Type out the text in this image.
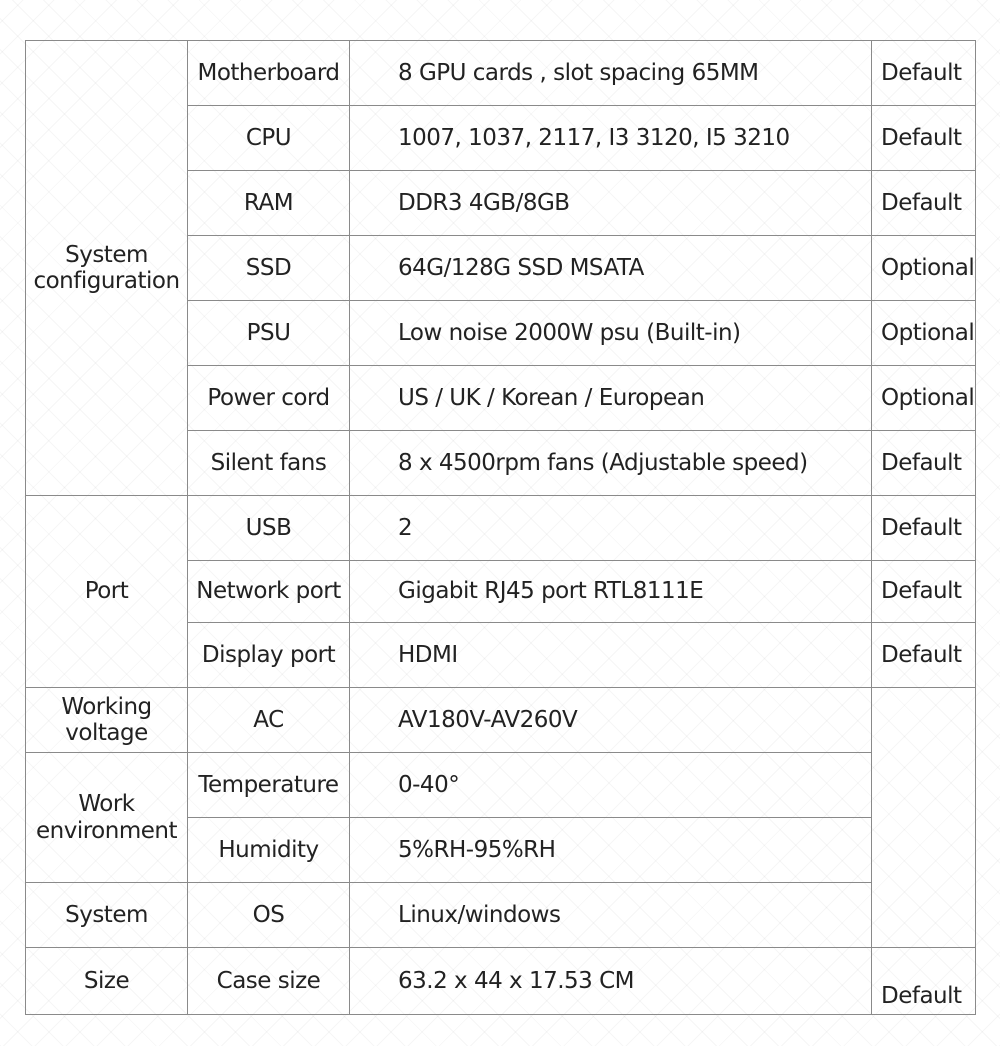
System configuration	Motherboard	8 GPU cards , slot spacing 65MM	Default
	CPU	1007, 1037, 2117, I3 3120, I5 3210	Default
	RAM	DDR3 4GB/8GB	Default
	SSD	64G/128G SSD MSATA	Optional
	PSU	Low noise 2000W psu (Built-in)	Optional
	Power cord	US / UK / Korean / European	Optional
	Silent fans	8 x 4500rpm fans (Adjustable speed)	Default
Port	USB	2	Default
	Network port	Gigabit RJ45 port RTL8111E	Default
	Display port	HDMI	Default
Working voltage	AC	AV180V-AV260V	
Work environment	Temperature	0-40°	
	Humidity	5%RH-95%RH	
System	OS	Linux/windows	
Size	Case size	63.2 x 44 x 17.53 CM	Default
